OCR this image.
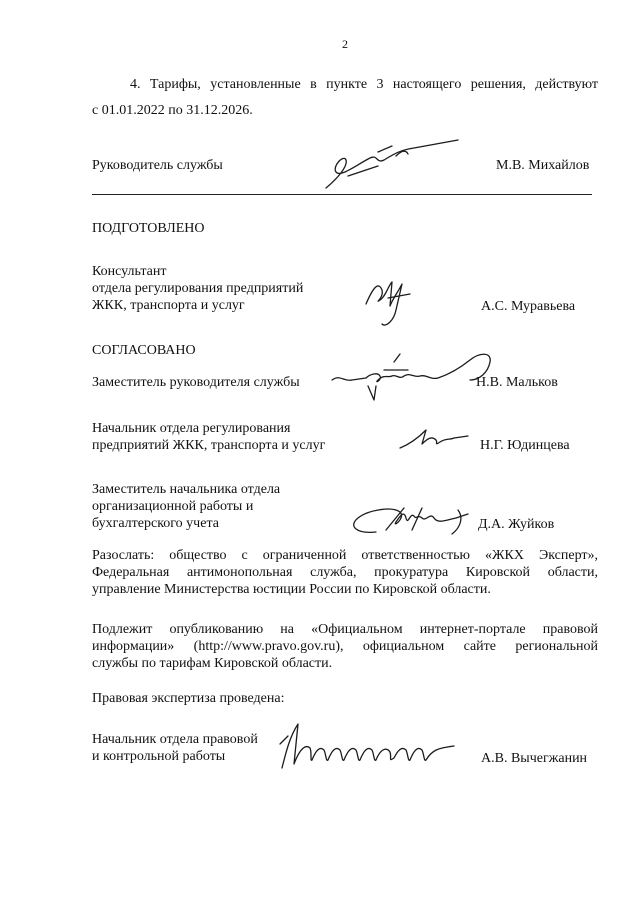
2
4. Тарифы, установленные в пункте 3 настоящего решения, действуют
с 01.01.2022 по 31.12.2026.
Руководитель службы	М.В. Михайлов
ПОДГОТОВЛЕНО
Консультант
отдела регулирования предприятий
ЖКК, транспорта и услуг	А.С. Муравьева
СОГЛАСОВАНО
Заместитель руководителя службы	Н.В. Мальков
Начальник отдела регулирования
предприятий ЖКК, транспорта и услуг	Н.Г. Юдинцева
Заместитель начальника отдела
организационной работы и
бухгалтерского учета	Д.А. Жуйков
Разослать: общество с ограниченной ответственностью «ЖКХ Эксперт»,
Федеральная антимонопольная служба, прокуратура Кировской области,
управление Министерства юстиции России по Кировской области.
Подлежит опубликованию на «Официальном интернет-портале правовой
информации» (http://www.pravo.gov.ru), официальном сайте региональной
службы по тарифам Кировской области.
Правовая экспертиза проведена:
Начальник отдела правовой
и контрольной работы	А.В. Вычегжанин
